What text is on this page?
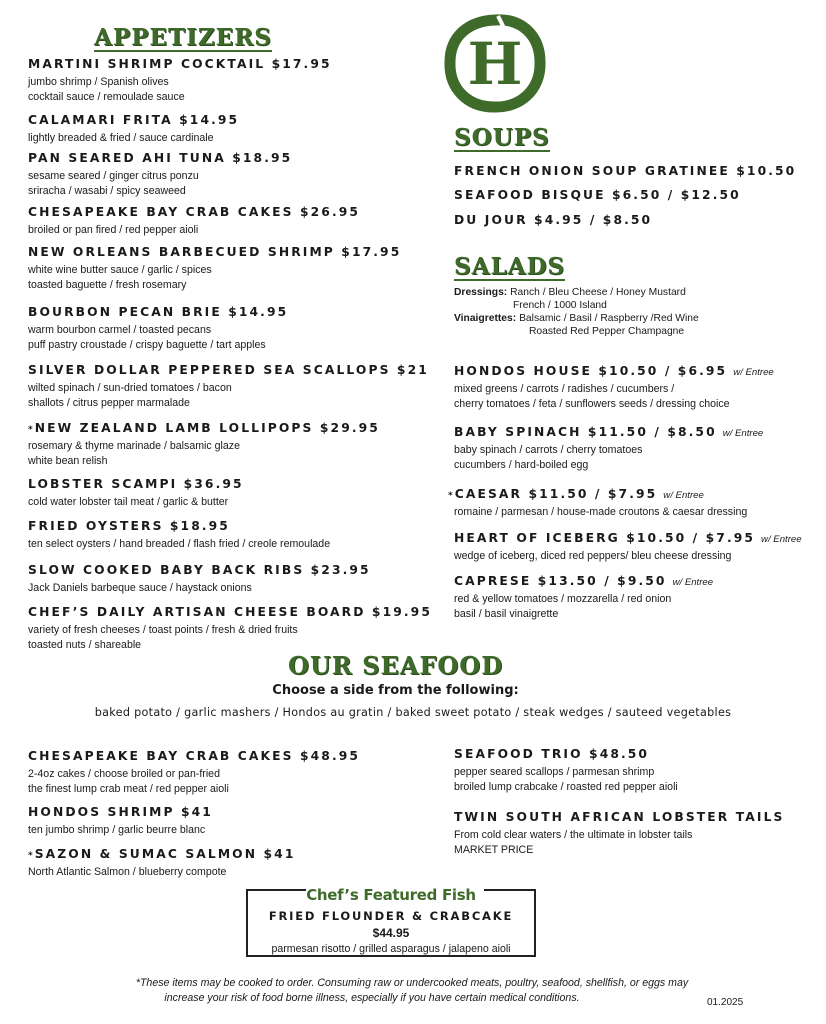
APPETIZERS
MARTINI SHRIMP COCKTAIL $17.95
jumbo shrimp / Spanish olives
cocktail sauce / remoulade sauce
CALAMARI FRITA $14.95
lightly breaded & fried / sauce cardinale
PAN SEARED AHI TUNA $18.95
sesame seared / ginger citrus ponzu
sriracha / wasabi / spicy seaweed
CHESAPEAKE BAY CRAB CAKES $26.95
broiled or pan fired / red pepper aioli
NEW ORLEANS BARBECUED SHRIMP $17.95
white wine butter sauce / garlic / spices
toasted baguette / fresh rosemary
BOURBON PECAN BRIE $14.95
warm bourbon carmel / toasted pecans
puff pastry croustade / crispy baguette / tart apples
SILVER DOLLAR PEPPERED SEA SCALLOPS $21
wilted spinach / sun-dried tomatoes / bacon
shallots / citrus pepper marmalade
* NEW ZEALAND LAMB LOLLIPOPS $29.95
rosemary & thyme marinade / balsamic glaze
white bean relish
LOBSTER SCAMPI $36.95
cold water lobster tail meat / garlic & butter
FRIED OYSTERS $18.95
ten select oysters / hand breaded / flash fried / creole remoulade
SLOW COOKED BABY BACK RIBS $23.95
Jack Daniels barbeque sauce / haystack onions
CHEF’S DAILY ARTISAN CHEESE BOARD $19.95
variety of fresh cheeses / toast points / fresh & dried fruits
toasted nuts / shareable
H
SOUPS
FRENCH ONION SOUP GRATINEE $10.50
SEAFOOD BISQUE $6.50 / $12.50
DU JOUR $4.95 / $8.50
SALADS
Dressings: Ranch / Bleu Cheese / Honey Mustard
French / 1000 Island
Vinaigrettes: Balsamic / Basil / Raspberry /Red Wine
Roasted Red Pepper Champagne
HONDOS HOUSE $10.50 / $6.95 w/ Entree
mixed greens / carrots / radishes / cucumbers /
cherry tomatoes / feta / sunflowers seeds / dressing choice
BABY SPINACH $11.50 / $8.50 w/ Entree
baby spinach / carrots / cherry tomatoes
cucumbers / hard-boiled egg
* CAESAR $11.50 / $7.95 w/ Entree
romaine / parmesan / house-made croutons & caesar dressing
HEART OF ICEBERG $10.50 / $7.95 w/ Entree
wedge of iceberg, diced red peppers/ bleu cheese dressing
CAPRESE $13.50 / $9.50 w/ Entree
red & yellow tomatoes / mozzarella / red onion
basil / basil vinaigrette
OUR SEAFOOD
Choose a side from the following:
baked potato / garlic mashers / Hondos au gratin / baked sweet potato / steak wedges / sauteed vegetables
CHESAPEAKE BAY CRAB CAKES $48.95
2-4oz cakes / choose broiled or pan-fried
the finest lump crab meat / red pepper aioli
HONDOS SHRIMP $41
ten jumbo shrimp / garlic beurre blanc
* SAZON & SUMAC SALMON $41
North Atlantic Salmon / blueberry compote
SEAFOOD TRIO $48.50
pepper seared scallops / parmesan shrimp
broiled lump crabcake / roasted red pepper aioli
TWIN SOUTH AFRICAN LOBSTER TAILS
From cold clear waters / the ultimate in lobster tails
MARKET PRICE
Chef’s Featured Fish
FRIED FLOUNDER & CRABCAKE
$44.95
parmesan risotto / grilled asparagus / jalapeno aioli
*These items may be cooked to order. Consuming raw or undercooked meats, poultry, seafood, shellfish, or eggs may
increase your risk of food borne illness, especially if you have certain medical conditions.	01.2025
